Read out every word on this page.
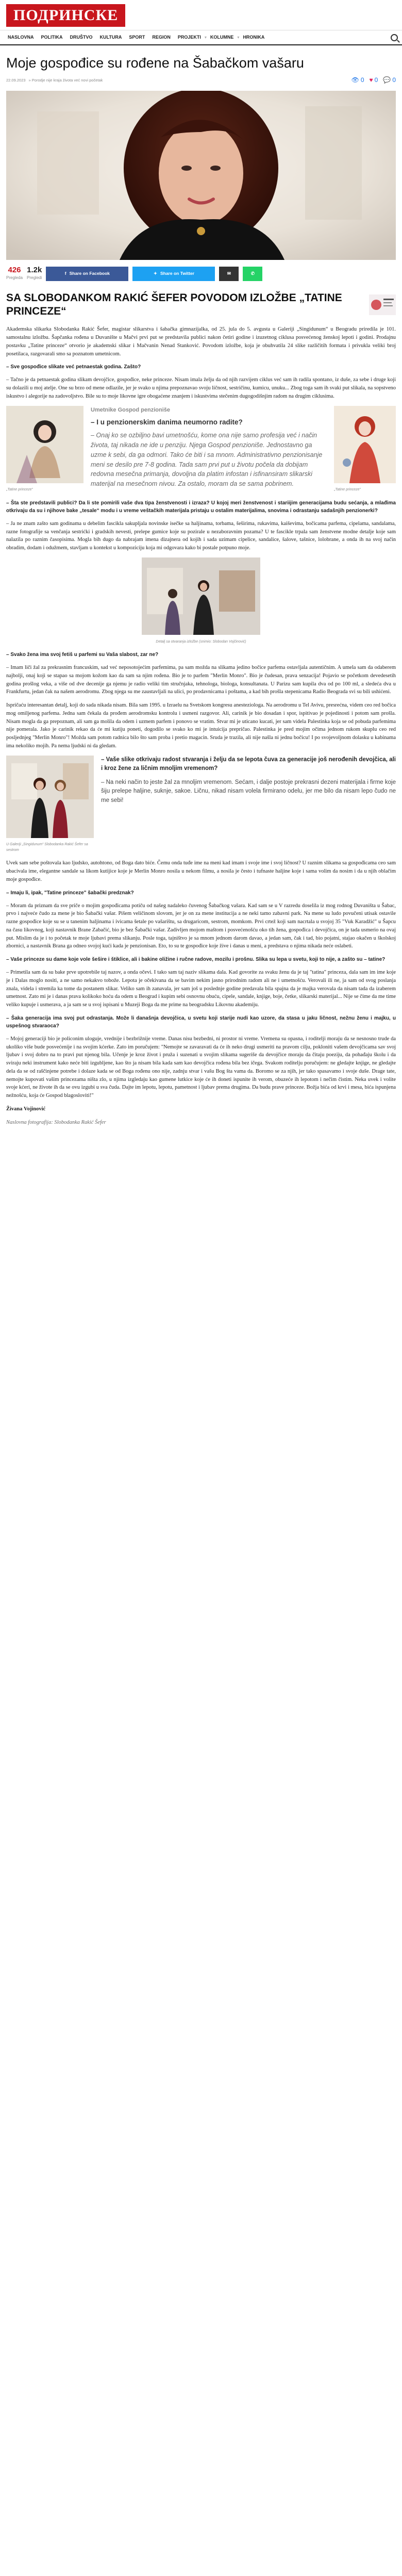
ПОДРИНСКЕ
NASLOVNA	POLITIKA	DRUŠTVO	KULTURA	SPORT	REGION	PROJEKTI ▾ KOLUMNE ▾ HRONIKA
Moje gospođice su rođene na Šabačkom vašaru
22.09.2023 » Porodje nije kraja života već novi početak	👁 0 ♥ 0 💬 0
426
Pregleda
1.2k
Pregledi
f Share on Facebook	✦ Share on Twitter	✉	✆
SA SLOBODANKOM RAKIĆ ŠEFER POVODOM IZLOŽBE „TATINE PRINCEZE“

Akademska slikarka Slobodanka Rakić Šefer, magistar slikarstva i šabačka gimnazijalka, od 25. jula do 5. avgusta u Galeriji „Singidunum“ u Beogradu priredila je 101. samostalnu izložbu. Šapčanka rođena u Duvanište u Mačvi prvi put se predstavila publici nakon četiri godine i izuzetnog ciklusa posvećenog ženskoj lepoti i godini. Prodajnu postavku „Tatine princeze“ otvorio je akademski slikar i Mačvanin Nenad Stanković. Povodom izložbe, koja je obuhvatila 24 slike različitih formata i privukla veliki broj posetilaca, razgovarali smo sa poznatom umetnicom.

– Sve gospođice slikate već petnaestak godina. Zašto?

– Tačno je da petnaestak godina slikam devojčice, gospođice, neke princeze. Nisam imala želju da od njih razvijem ciklus već sam ih radila spontano, iz duše, za sebe i druge koji su dolazili u moj atelje. One su brzo od mene odlazile, jer je svako u njima prepoznavao svoju ličnost, sestričinu, kumicu, unuku... Zbog toga sam ih svaki put slikala, na sopstveno iskustvo i alegorije na zadovoljstvo. Bile su to moje likovne igre obogaćene znanjem i iskustvima stečenim dugogodišnjim radom na drugim ciklusima.

„Tatine princeze“
Umetnike Gospod penzioniše
– I u penzionerskim danima neumorno radite?
– Onaj ko se ozbiljno bavi umetnošću, kome ona nije samo profesija već i način života, taj nikada ne ide u penziju. Njega Gospod penzioniše. Jednostavno ga uzme k sebi, da ga odmori. Tako će biti i sa mnom. Administrativno penzionisanje meni se desilo pre 7-8 godina. Tada sam prvi put u životu počela da dobijam redovna mesečna primanja, dovoljna da platim infostan i isfinansiram slikarski materijal na mesečnom nivou. Za ostalo, moram da se sama pobrinem.
„Tatine princeze“

– Šta ste predstavili publici? Da li ste pomirili vaše dva tipa ženstvenosti i izraza? U kojoj meri ženstvenost i stariijim generacijama budu sećanja, a mlađima otkrivaju da su i njihove bake „tesale“ modu i u vreme veštačkih materijala pristaju u ostalim materijalima, snovima i odrastanju sadašnjih penzionerki?

– Ja ne znam zašto sam godinama u debelim fascikla sakupljala novinske isečke sa haljinama, torbama, šeširima, rukavima, kaiševima, bočicama parfema, cipelama, sandalama, razne fotografije sa venčanja sestrićki i gradskih nevesti, prelepe gumice koje su pozirale u nezaboravnim pozama? U te fascikle trpala sam ženstvene modne detalje koje sam nalazila po raznim časopisima. Mogla bih dugo da nabrajam imena dizajnera od kojih i sada uzimam cipelice, sandalice, šalove, tašnice, lolobrane, a onda ih na svoj način obradim, dodam i odužmem, stavljam u kontekst u kompoziciju koja mi odgovara kako bi postale potpuno moje.

Detalj sa otvaranja izložbe (snimio: Slobodan Vojčinović)

– Svako žena ima svoj fetiš u parfemi su Vaša slabost, zar ne?

– Imam liči žal za prekrasnim francuskim, sad već neposotojećim parfemima, pa sam možda na slikama jedino bočice parfema ostavljala autentičnim. A umela sam da odaberem najbolji, onaj koji se stapao sa mojom kožom kao da sam sa njim rođena. Bio je to parfem "Merlin Monro". Bio je čudesan, prava senzacija! Pojavio se početkom devedesetih godina prošlog veka, a više od dve decenije ga njemu je radio veliki tim stručnjaka, tehnologa, biologa, konsultanata. U Parizu sam kupila dva od po 100 ml, a sledeća dva u Frankfurtu, jedan čak na našem aerodromu. Zbog njega su me zaustavljali na ulici, po prodavnicama i poštama, a kad bih prošla stepenicama Radio Beograda svi su bili ushićeni.

Ispričaću interesantan detalj, koji do sada nikada nisam. Bila sam 1995. u Izraelu na Svetskom kongresu anesteziologa. Na aerodromu u Tel Avivu, presrećna, videm ceo red bočica mog omiljenog parfema. Jedna sam čekala da prođem aerodromsku kontrolu i usmeni razgovor. Ali, carinik je bio dosadan i spor, ispitivao je pojedinosti i potom sam prošla. Nisam mogla da ga prepoznam, ali sam ga molila da odem i uzmem parfem i ponovo se vratim. Stvar mi je uticano kucati, jer sam videla Palestinka koja se od pobuda parfemima nije pomerala. Jako je carinik rekao da će mi kutiju poneti, dogodilo se svako ko mi je intuicija prepričao. Palestinka je pred mojim očima jednom rukom skuplu ceo red posljednjeg "Merlin Monro"! Možda sam potom radnica bilo što sam proba i pretio magacin. Sruda je trazila, ali nije našla ni jednu bočicu! I po svojevoljnom dolasku u kabinama ima nekoliko mojih. Pa nema ljudski ni da gledam.

U Galeriji „Singidunum“ Slobodanka Rakić Šefer sa sestrom

– Vaše slike otkrivaju radost stvaranja i želju da se lepota čuva za generacije još nerođenih devojčica, ali i kroz žene za ličnim mnoljim vremenom?

– Na neki način to jeste žal za mnoljim vremenom. Sećam, i dalje postoje prekrasni dezeni materijala i firme koje šiju prelepe haljine, suknje, sakoe. Ličnu, nikad nisam volela firmirano odelu, jer me bilo da nisam lepo čudo ne me sebi!

Uvek sam sebe poštovala kao ljudsko, autohtono, od Boga dato biće. Čemu onda tuđe ime na meni kad imam i svoje ime i svoj ličnost? U raznim slikama sa gospođicama ceo sam ubacivala ime, elegantne sandale sa likom kutijice koje je Merlin Monro nosila u nekom filmu, a nosila je često i tufnaste haljine koje i sama volim da nosim i da u njih oblačim moje gospođice.

– Imaju li, ipak, "Tatine princeze" šabački predznak?

– Moram da priznam da sve priče o mojim gospođicama potiču od našeg nadaleko čuvenog Šabačkog vašara. Kad sam se u V razredu doselila iz mog rodnog Duvaništa u Šabac, prvo i najveće čudo za mene je bio Šabački vašar. Pišem veličinom slovom, jer je on za mene institucija a ne neki tamo zabavni park. Na mene su ludo povučeni utisak ostavile razne gospođice koje su se u tanenim haljinama i ivicama šetale po vašarištu, sa drugaricom, sestrom, momkom. Prvi crtež koji sam nacrtala u svojoj 35 "Vuk Karadžić" u Šapcu na času likovnog, koji nastavnik Brane Zabačić, bio je bez Šabački vašar. Zadivljen mojom maštom i posvećenošću oko tih žena, gospođica i devojčica, on je tada usmerio na ovaj put. Mislim da je i to početak te moje ljubavi prema slikanju. Posle toga, tajništvo je sa mnom jednom darom davao, a jedan sam, čak i tad, bio pojatni, stajao okačen u školskoj zbornici, a nastavnik Brana ga odneo svojoj kući kada je penzionisan. Eto, to su te gospođice koje žive i danas u meni, a predstava o njima nikada neće oslabeti.

– Vaše princeze su dame koje vole šešire i štiklice, ali i bakine oližine i ručne radove, mozilu i prošnu. Slika su lepa u svetu, koji to nije, a zašto su – tatine?

– Primetila sam da su bake prve upotrebile taj nazov, a onda očevi. I tako sam taj naziv slikama dala. Kad govorite za svaku ženu da je taj "tatina" princeza, dala sam im ime koje je i Dalas moglo nositi, a ne samo nekakvo tobože. Lepota je očekivana da se bavim nekim jasno prirodnim radom ali ne i umetnošću. Verovali ili ne, ja sam od svog poslanja znala, videla i stremila ka tome da postanem slikar. Veliko sam ih zanavala, jer sam još u poslednje godine predavala bila spajna da je majka verovala da nisam tada da izaberem umetnost. Zato mi je i danas prava kolikoko hoću da odem u Beograd i kupim sebi osnovnu obuću, cipele, sandale, knjige, boje, četke, slikarski materijal... Nije se čime da me time veliko kupuje i usmerava, a ja sam se u svoj ispisani u Muzeji Boga da me prime na beogradsku Likovnu akademiju.

– Šaka generacija ima svoj put odrastanja. Može li današnja devojčica, u svetu koji starije nudi kao uzore, da stasa u jaku ličnost, nežnu ženu i majku, u uspešnog stvaraoca?

– Mojoj generaciji bio je policonim uloguje, vrednije i bezbrižnije vreme. Danas nisu bezbedni, ni prostor ni vreme. Vremena su opasna, i roditelji moraju da se nesnosno trude da ukoliko više bude posvećenije i na svojim kćerke. Zato im poručujem: "Nemojte se zavaravati da će ih neko drugi usmeriti na pravom cilju, pokloniti vašem devojčicama sav svoj ljubav i svoj dobro na to pravi put njenog bila. Učenje je kroz život i pruža i suzenati u svojim slikama sugeriše da devojčice moraju da čitaju poeziju, da pohađaju školu i da sviraju neki instrument kako neće biti izgubljene, kao što ja nisam bila kada sam kao devojčica rođena bila bez ičega. Svakom roditelju poručujem: ne gledajte knjige, ne gledajte dela da se od raščinjene potrebe i dolaze kada se od Boga rođenu ono nije, zadnju stvar i vašu Bog šta vama da. Boromo se za njih, jer tako spasavamo i svoje duše. Drage tate, nemojte kupovati vašim princezama ništa zlo, u njima izgledaju kao gumene lutkice koje će ih doneti ispunite ih verom, obuzeće ih lepotom i nečim čistim. Neka uvek i volite svoje kćeri, ne živote ih da se ovu izgubi u sva čuda. Dajte im lepotu, lepotu, pametnost i ljubav prema drugima. Da budu prave princeze. Božja bića od krvi i mesa, bića ispunjena nežnošću, koja će Gospod blagosloviti!"

Živana Vojinović

Naslovna fotografija: Slobodanka Rakić Šefer
